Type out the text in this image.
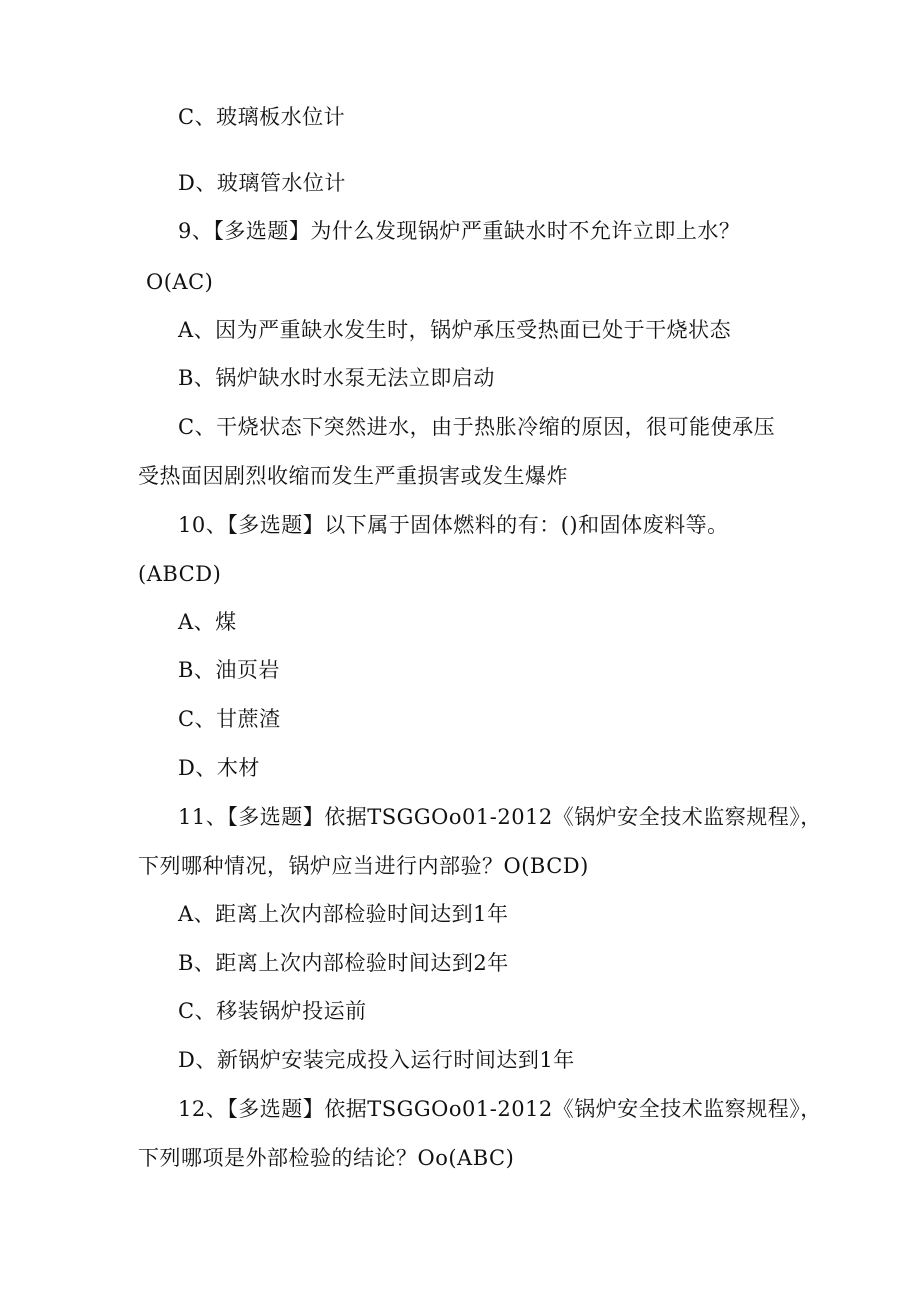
C、玻璃板水位计
D、玻璃管水位计
9、【多选题】为什么发现锅炉严重缺水时不允许立即上水？
O(AC)
A、因为严重缺水发生时，锅炉承压受热面已处于干烧状态
B、锅炉缺水时水泵无法立即启动
C、干烧状态下突然进水，由于热胀冷缩的原因，很可能使承压
受热面因剧烈收缩而发生严重损害或发生爆炸
10、【多选题】以下属于固体燃料的有：()和固体废料等。
(ABCD)
A、煤
B、油页岩
C、甘蔗渣
D、木材
11、【多选题】依据TSGGOo01-2012《锅炉安全技术监察规程》，
下列哪种情况，锅炉应当进行内部验？O(BCD)
A、距离上次内部检验时间达到1年
B、距离上次内部检验时间达到2年
C、移装锅炉投运前
D、新锅炉安装完成投入运行时间达到1年
12、【多选题】依据TSGGOo01-2012《锅炉安全技术监察规程》，
下列哪项是外部检验的结论？Oo(ABC)
